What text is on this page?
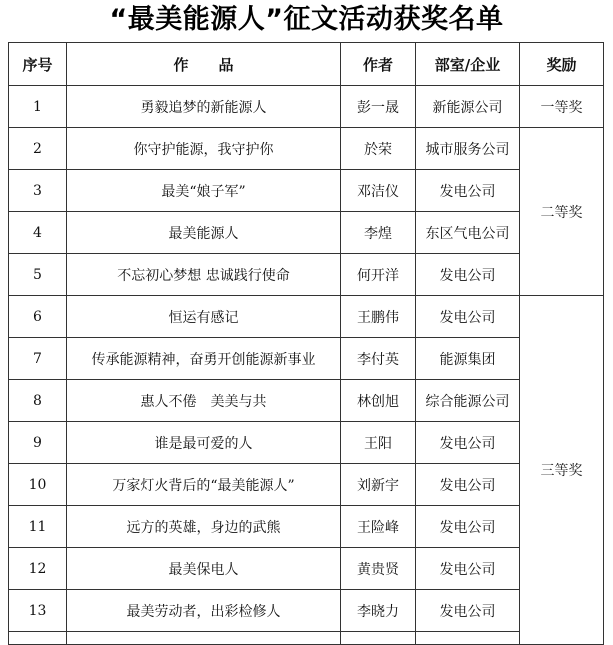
“最美能源人”征文活动获奖名单
序号	作　　品	作者	部室/企业	奖励	
1	勇毅追梦的新能源人	彭一晟	新能源公司	一等奖	
2	你守护能源，我守护你	於荣	城市服务公司	二等奖	
3	最美“娘子军”	邓洁仪	发电公司		
4	最美能源人	李煌	东区气电公司		
5	不忘初心梦想 忠诚践行使命	何开洋	发电公司		
6	恒运有感记	王鹏伟	发电公司	三等奖	
7	传承能源精神，奋勇开创能源新事业	李付英	能源集团		
8	惠人不倦　美美与共	林创旭	综合能源公司		
9	谁是最可爱的人	王阳	发电公司		
10	万家灯火背后的“最美能源人”	刘新宇	发电公司		
11	远方的英雄，身边的武熊	王险峰	发电公司		
12	最美保电人	黄贵贤	发电公司		
13	最美劳动者，出彩检修人	李晓力	发电公司		
